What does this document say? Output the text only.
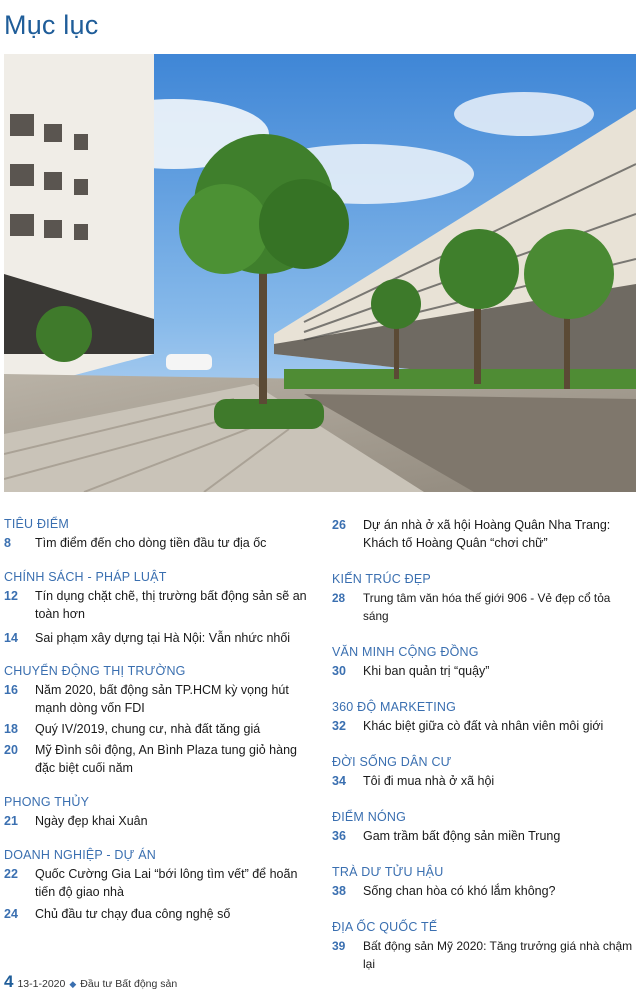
Mục lục
TIÊU ĐIỂM
8	Tìm điểm đến cho dòng tiền đầu tư địa ốc
CHÍNH SÁCH - PHÁP LUẬT
12	Tín dụng chặt chẽ, thị trường bất động sản sẽ an toàn hơn
14	Sai phạm xây dựng tại Hà Nội: Vẫn nhức nhối
CHUYỂN ĐỘNG THỊ TRƯỜNG
16	Năm 2020, bất động sản TP.HCM kỳ vọng hút mạnh dòng vốn FDI
18	Quý IV/2019, chung cư, nhà đất tăng giá
20	Mỹ Đình sôi động, An Bình Plaza tung giỏ hàng đặc biệt cuối năm
PHONG THỦY
21	Ngày đẹp khai Xuân
DOANH NGHIỆP - DỰ ÁN
22	Quốc Cường Gia Lai “bới lông tìm vết” để hoãn tiến độ giao nhà
24	Chủ đầu tư chạy đua công nghệ số
26	Dự án nhà ở xã hội Hoàng Quân Nha Trang: Khách tố Hoàng Quân “chơi chữ”
KIẾN TRÚC ĐẸP
28	Trung tâm văn hóa thế giới 906 - Vẻ đẹp cổ tỏa sáng
VĂN MINH CỘNG ĐỒNG
30	Khi ban quản trị “quậy”
360 ĐỘ MARKETING
32	Khác biệt giữa cò đất và nhân viên môi giới
ĐỜI SỐNG DÂN CƯ
34	Tôi đi mua nhà ở xã hội
ĐIỂM NÓNG
36	Gam trầm bất động sản miền Trung
TRÀ DƯ TỬU HẬU
38	Sống chan hòa có khó lắm không?
ĐỊA ỐC QUỐC TẾ
39	Bất động sản Mỹ 2020: Tăng trưởng giá nhà chậm lại
4 13-1-2020 ◆ Đầu tư Bất động sản
